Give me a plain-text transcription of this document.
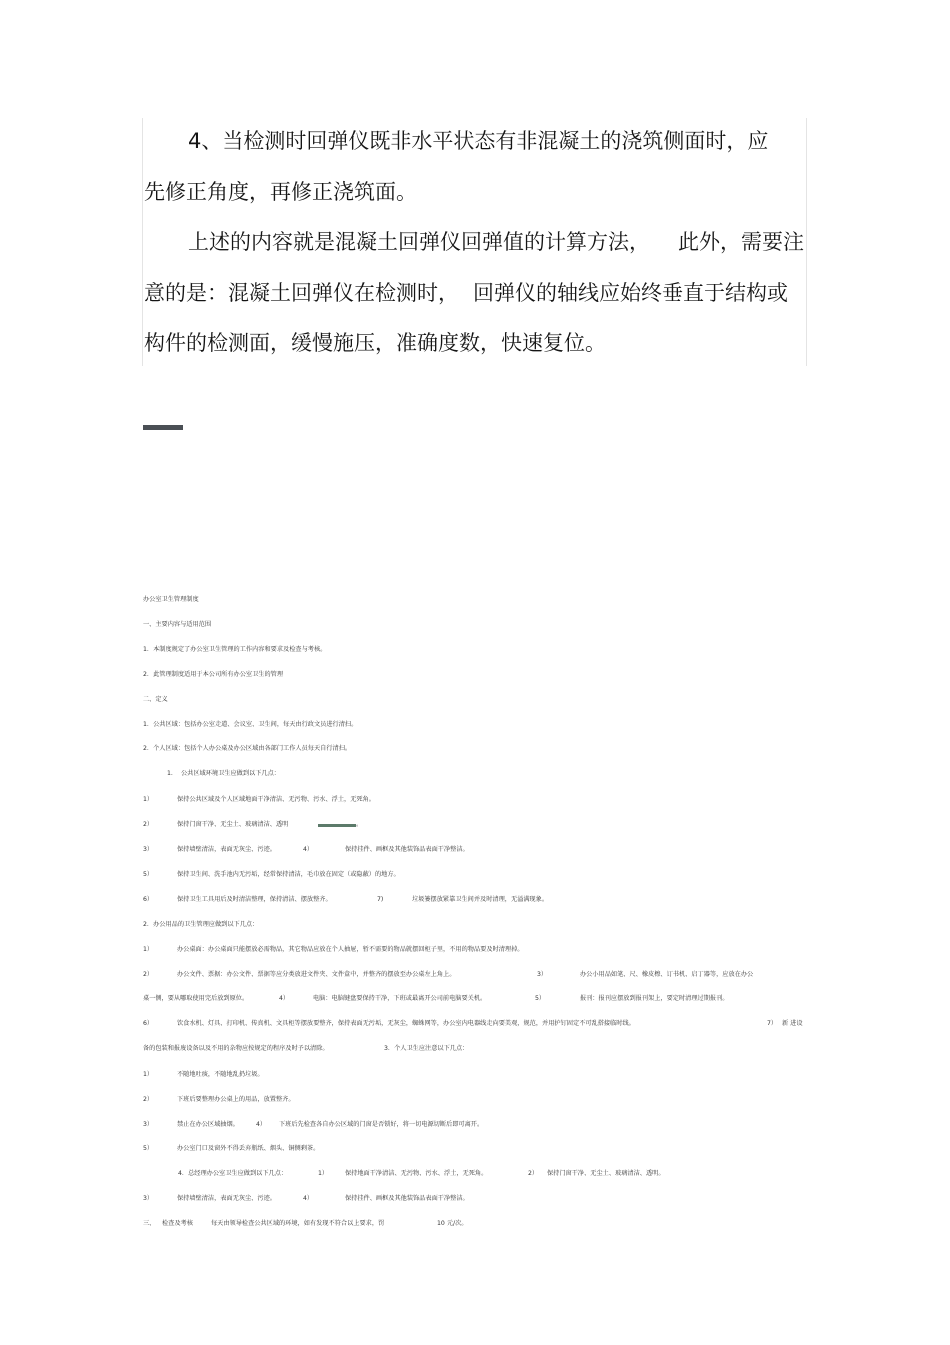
4、当检测时回弹仪既非水平状态有非混凝土的浇筑侧面时，应
先修正角度，再修正浇筑面。
上述的内容就是混凝土回弹仪回弹值的计算方法， 此外，需要注
意的是：混凝土回弹仪在检测时， 回弹仪的轴线应始终垂直于结构或
构件的检测面，缓慢施压，准确度数，快速复位。
办公室卫生管理制度
一、主要内容与适用范围
1．本制度规定了办公室卫生管理的工作内容和要求及检查与考核。
2．此管理制度适用于本公司所有办公室卫生的管理
二、定义
1．公共区域：包括办公室走道、会议室、卫生间，每天由行政文员进行清扫。
2．个人区域：包括个人办公桌及办公区域由各部门工作人员每天自行清扫。
1. 公共区域环境卫生应做到以下几点：
1）	保持公共区域及个人区域地面干净清洁、无污物、污水、浮土，无死角。
2）	保持门窗干净、无尘土、玻璃清洁、透明	。
3）	保持墙壁清洁，表面无灰尘、污迹。	4）	保持挂件、画框及其他装饰品表面干净整洁。
5）	保持卫生间、洗手池内无污垢，经常保持清洁，毛巾放在固定（或隐蔽）的地方。
6）	保持卫生工具用后及时清洁整理，保持清洁、摆放整齐。	7)	垃圾篓摆放紧靠卫生间并及时清理，无溢满现象。
2．办公用品的卫生管理应做到以下几点：
1）	办公桌面：办公桌面只能摆放必需物品，其它物品应放在个人抽屉，暂不需要的物品就摆回柜子里，不用的物品要及时清理掉。
2）	办公文件、票据：办公文件、票据等应分类放进文件夹、文件盒中，并整齐的摆放至办公桌左上角上。	3）	办公小用品如笔、尺、橡皮檫、订书机、启丁器等，应放在办公
桌一侧，要从哪取使用完后放到原位。	4）	电脑：电脑键盘要保持干净，下班或最离开公司前电脑要关机。	5）	报刊：报刊应摆放到报刊架上，要定时清理过期报刊。
6）	饮食水机、灯具、打印机、传真机、文具柜等摆放要整齐，保持表面无污垢，无灰尘，蜘蛛网等，办公室内电器线走向要美观，规范，并用护钉固定不可乱搭接临时线。	7） 新 进设
备的包装和报废设备以及不用的杂物应按规定的程序及时予以清除。	3．个人卫生应注意以下几点：
1）	不随地吐痰，不随地乱扔垃圾。
2）	下班后要整理办公桌上的用品，放置整齐。
3）	禁止在办公区域抽烟。	4） 下班后先检查各自办公区域的门窗是否锁好，将一切电源切断后即可离开。
5）	办公室门口及窗外不得丢弃瓶纸、烟头、铜侧剩茶。
4．总经理办公室卫生应做到以下几点：	1）	保持地面干净清洁、无污物、污水、浮土，无死角。	2） 保持门窗干净、无尘土、玻璃清洁、透明。
3）	保持墙壁清洁，表面无灰尘、污迹。	4）	保持挂件、画框及其他装饰品表面干净整洁。
三、 检查及考核	每天由领导检查公共区域的环境，如有发现不符合以上要求，罚	10 元/次。
